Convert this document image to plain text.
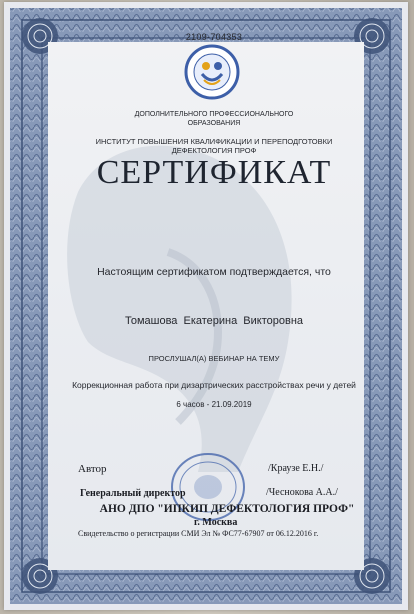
2109-704353
ДОПОЛНИТЕЛЬНОГО ПРОФЕССИОНАЛЬНОГО ОБРАЗОВАНИЯ
ИНСТИТУТ ПОВЫШЕНИЯ КВАЛИФИКАЦИИ И ПЕРЕПОДГОТОВКИ ДЕФЕКТОЛОГИЯ ПРОФ
СЕРТИФИКАТ
Настоящим сертификатом подтверждается, что
Томашова Екатерина Викторовна
ПРОСЛУШАЛ(А) ВЕБИНАР НА ТЕМУ
Коррекционная работа при дизартрических расстройствах речи у детей
6 часов - 21.09.2019
Автор	/Краузе Е.Н./
Генеральный директор	/Чеснокова А.А./
АНО ДПО "ИПКИП ДЕФЕКТОЛОГИЯ ПРОФ"
г. Москва
Свидетельство о регистрации СМИ Эл № ФС77-67907 от 06.12.2016 г.
